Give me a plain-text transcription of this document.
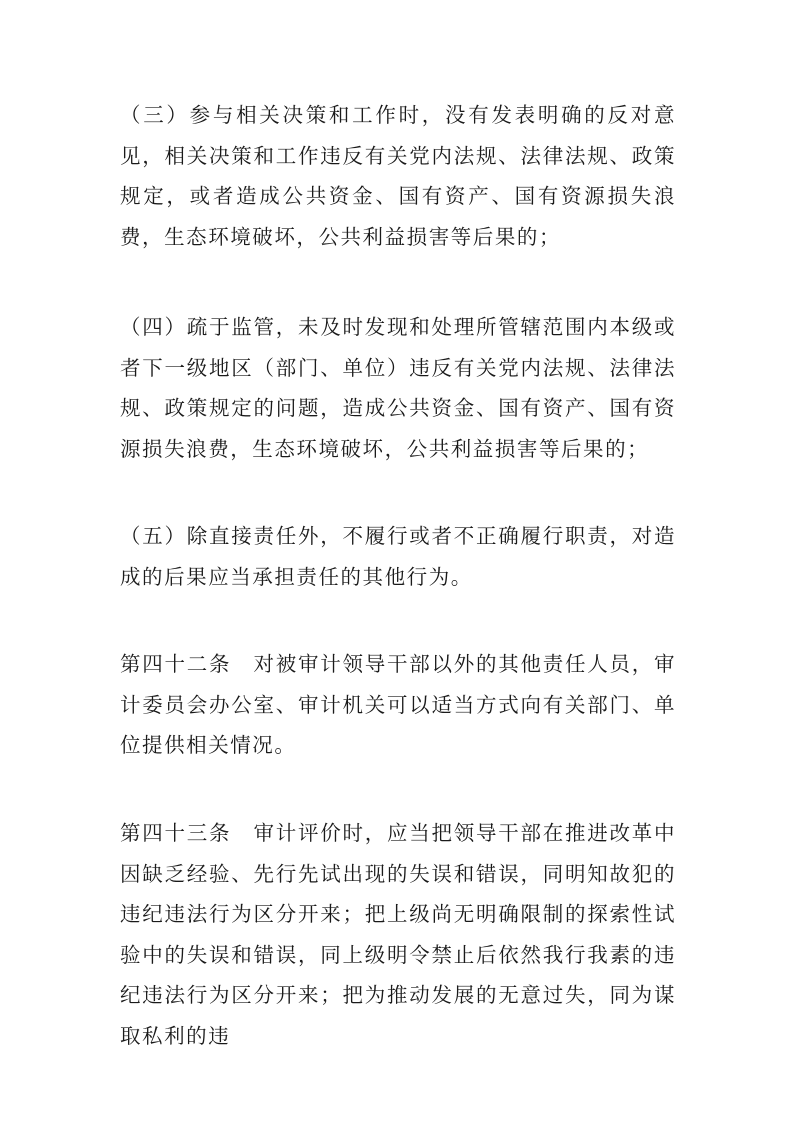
（三）参与相关决策和工作时，没有发表明确的反对意见，相关决策和工作违反有关党内法规、法律法规、政策规定，或者造成公共资金、国有资产、国有资源损失浪费，生态环境破坏，公共利益损害等后果的；

（四）疏于监管，未及时发现和处理所管辖范围内本级或者下一级地区（部门、单位）违反有关党内法规、法律法规、政策规定的问题，造成公共资金、国有资产、国有资源损失浪费，生态环境破坏，公共利益损害等后果的；

（五）除直接责任外，不履行或者不正确履行职责，对造成的后果应当承担责任的其他行为。

第四十二条　对被审计领导干部以外的其他责任人员，审计委员会办公室、审计机关可以适当方式向有关部门、单位提供相关情况。

第四十三条　审计评价时，应当把领导干部在推进改革中因缺乏经验、先行先试出现的失误和错误，同明知故犯的违纪违法行为区分开来；把上级尚无明确限制的探索性试验中的失误和错误，同上级明令禁止后依然我行我素的违纪违法行为区分开来；把为推动发展的无意过失，同为谋取私利的违
